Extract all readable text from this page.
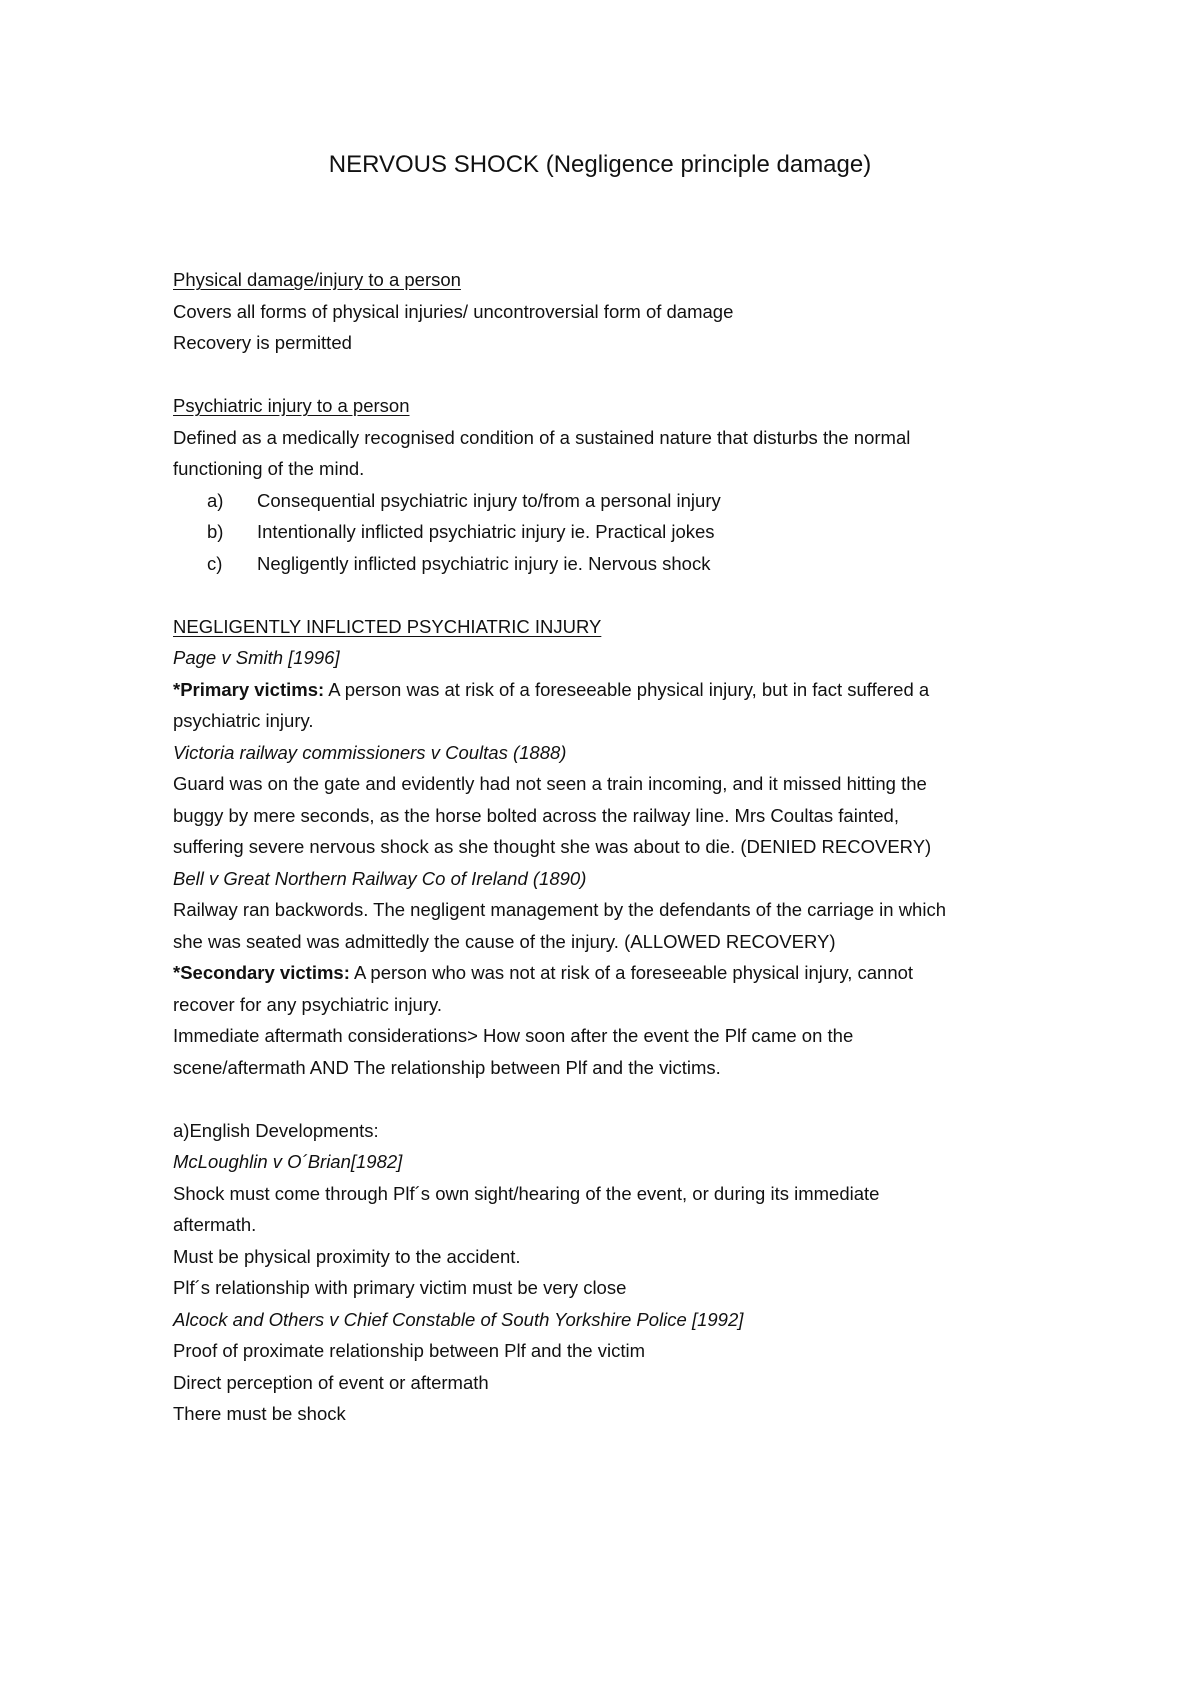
NERVOUS SHOCK (Negligence principle damage)

Physical damage/injury to a person

Covers all forms of physical injuries/ uncontroversial form of damage

Recovery is permitted

Psychiatric injury to a person

Defined as a medically recognised condition of a sustained nature that disturbs the normal

functioning of the mind.

a)	Consequential psychiatric injury to/from a personal injury
b)	Intentionally inflicted psychiatric injury ie. Practical jokes
c)	Negligently inflicted psychiatric injury ie. Nervous shock

NEGLIGENTLY INFLICTED PSYCHIATRIC INJURY

Page v Smith [1996]

*Primary victims: A person was at risk of a foreseeable physical injury, but in fact suffered a

psychiatric injury.

Victoria railway commissioners v Coultas (1888)

Guard was on the gate and evidently had not seen a train incoming, and it missed hitting the

buggy by mere seconds, as the horse bolted across the railway line. Mrs Coultas fainted,

suffering severe nervous shock as she thought she was about to die. (DENIED RECOVERY)

Bell v Great Northern Railway Co of Ireland (1890)

Railway ran backwords. The negligent management by the defendants of the carriage in which

she was seated was admittedly the cause of the injury. (ALLOWED RECOVERY)

*Secondary victims: A person who was not at risk of a foreseeable physical injury, cannot

recover for any psychiatric injury.

Immediate aftermath considerations> How soon after the event the Plf came on the

scene/aftermath AND The relationship between Plf and the victims.

a)English Developments:

McLoughlin v O´Brian[1982]

Shock must come through Plf´s own sight/hearing of the event, or during its immediate

aftermath.

Must be physical proximity to the accident.

Plf´s relationship with primary victim must be very close

Alcock and Others v Chief Constable of South Yorkshire Police [1992]

Proof of proximate relationship between Plf and the victim

Direct perception of event or aftermath

There must be shock
